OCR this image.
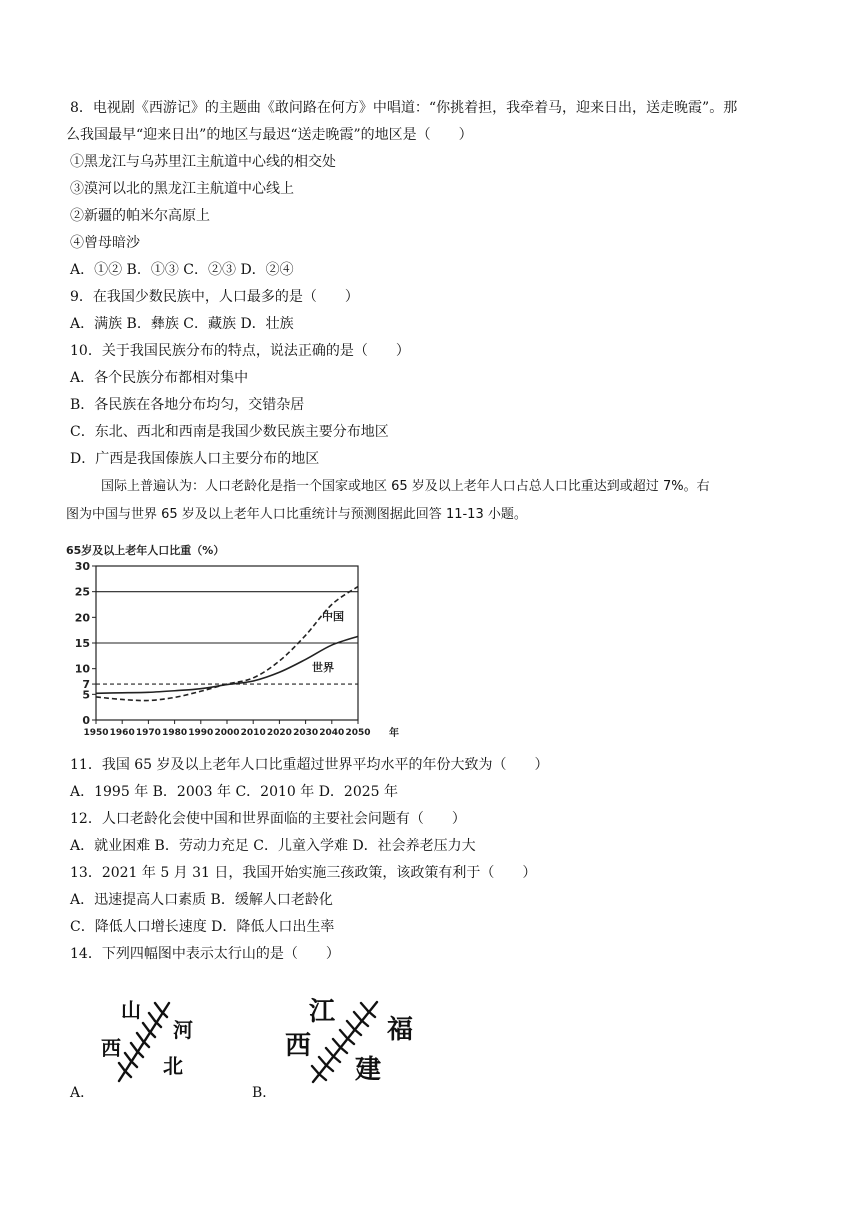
8．电视剧《西游记》的主题曲《敢问路在何方》中唱道：“你挑着担，我牵着马，迎来日出，送走晚霞”。那
么我国最早“迎来日出”的地区与最迟“送走晚霞”的地区是（　　）
①黑龙江与乌苏里江主航道中心线的相交处
③漠河以北的黑龙江主航道中心线上
②新疆的帕米尔高原上
④曾母暗沙
A．①② B．①③ C．②③ D．②④
9．在我国少数民族中，人口最多的是（　　）
A．满族 B．彝族 C．藏族 D．壮族
10．关于我国民族分布的特点，说法正确的是（　　）
A．各个民族分布都相对集中
B．各民族在各地分布均匀，交错杂居
C．东北、西北和西南是我国少数民族主要分布地区
D．广西是我国傣族人口主要分布的地区
国际上普遍认为：人口老龄化是指一个国家或地区 65 岁及以上老年人口占总人口比重达到或超过 7%。右
图为中国与世界 65 岁及以上老年人口比重统计与预测图据此回答 11-13 小题。
65岁及以上老年人口比重（%）
0
5
7
10
15
20
25
30
1950 1960 1970 1980 1990 2000 2010 2020 2030 2040 2050
中国
世界
年
11．我国 65 岁及以上老年人口比重超过世界平均水平的年份大致为（　　）
A．1995 年 B．2003 年 C．2010 年 D．2025 年
12．人口老龄化会使中国和世界面临的主要社会问题有（　　）
A．就业困难 B．劳动力充足 C．儿童入学难 D．社会养老压力大
13．2021 年 5 月 31 日，我国开始实施三孩政策，该政策有利于（　　）
A．迅速提高人口素质 B．缓解人口老龄化
C．降低人口增长速度 D．降低人口出生率
14．下列四幅图中表示太行山的是（　　）
山
西
河
北
A．
江
西
福
建
B．
